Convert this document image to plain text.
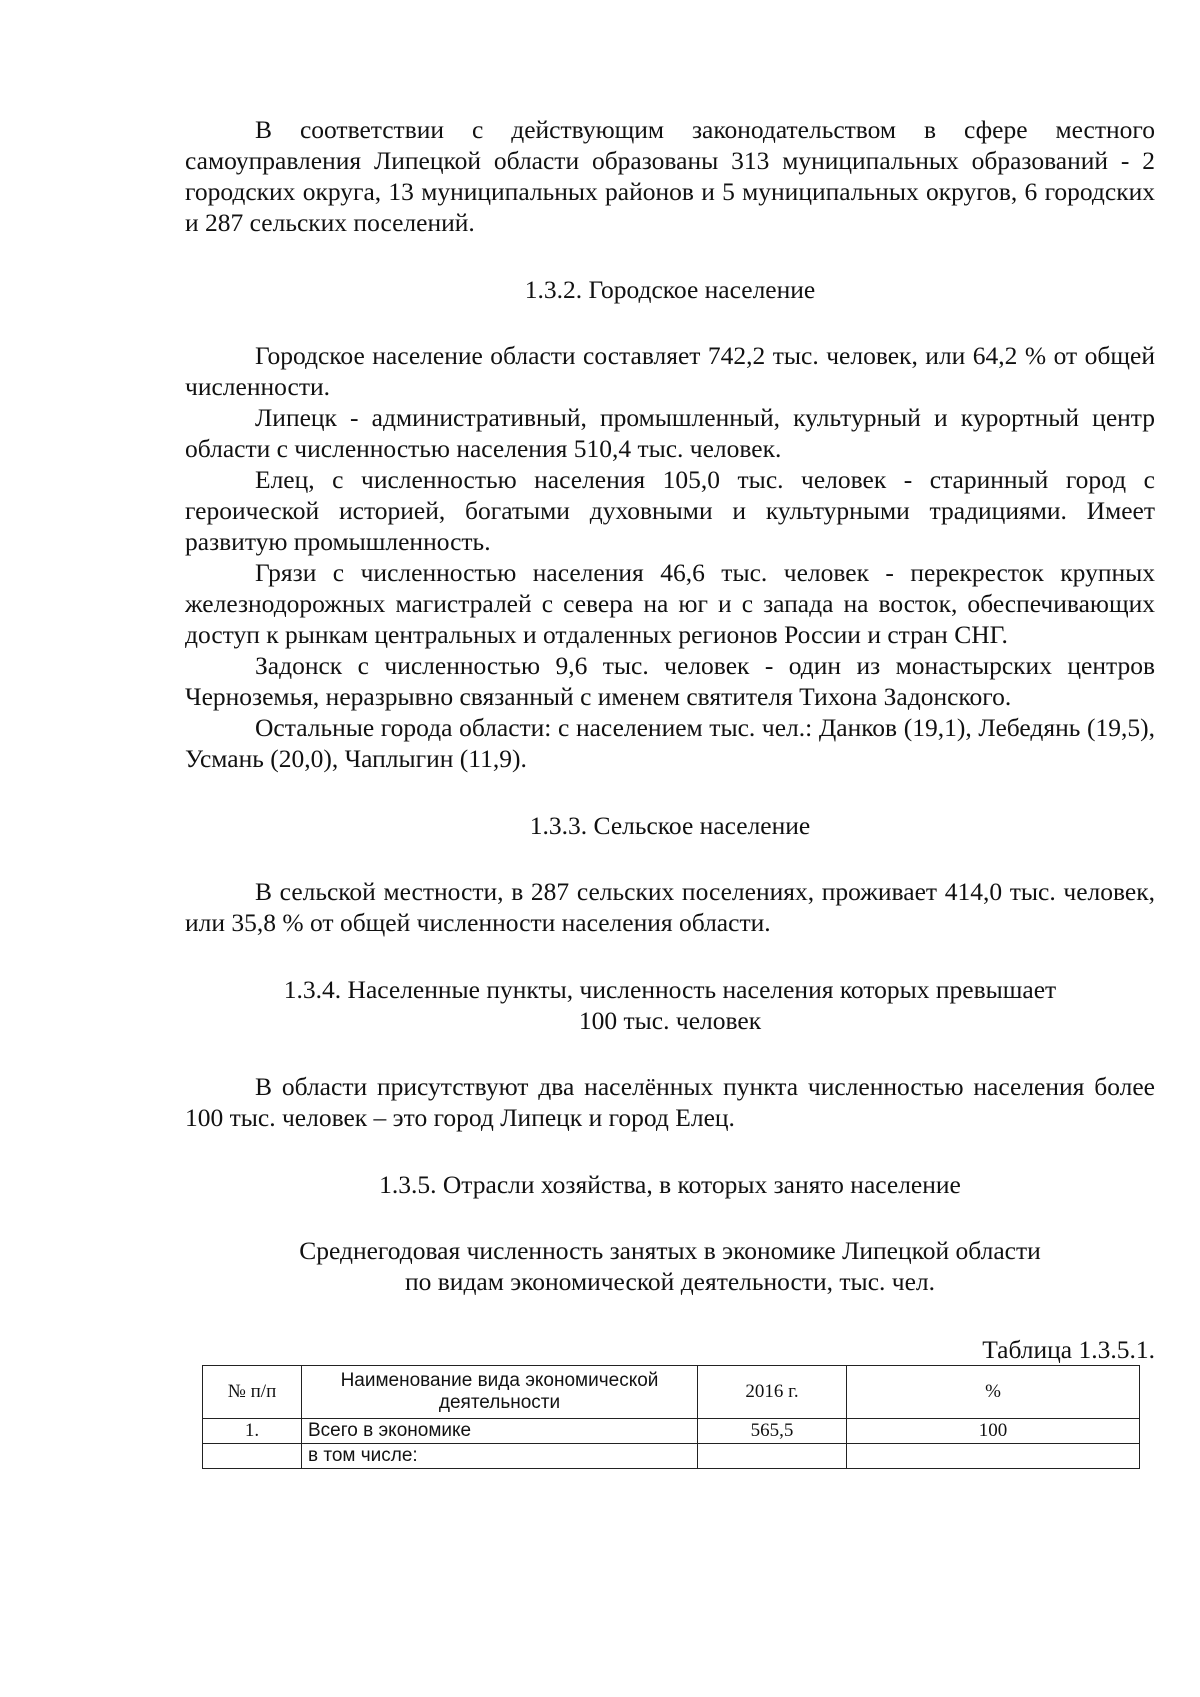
В соответствии с действующим законодательством в сфере местного самоуправления Липецкой области образованы 313 муниципальных образований - 2 городских округа, 13 муниципальных районов и 5 муниципальных округов, 6 городских и 287 сельских поселений.

1.3.2. Городское население

Городское население области составляет 742,2 тыс. человек, или 64,2 % от общей численности.

Липецк - административный, промышленный, культурный и курортный центр области с численностью населения 510,4 тыс. человек.

Елец, с численностью населения 105,0 тыс. человек - старинный город с героической историей, богатыми духовными и культурными традициями. Имеет развитую промышленность.

Грязи с численностью населения 46,6 тыс. человек - перекресток крупных железнодорожных магистралей с севера на юг и с запада на восток, обеспечивающих доступ к рынкам центральных и отдаленных регионов России и стран СНГ.

Задонск с численностью 9,6 тыс. человек - один из монастырских центров Черноземья, неразрывно связанный с именем святителя Тихона Задонского.

Остальные города области: с населением тыс. чел.: Данков (19,1), Лебедянь (19,5), Усмань (20,0), Чаплыгин (11,9).

1.3.3. Сельское население

В сельской местности, в 287 сельских поселениях, проживает 414,0 тыс. человек, или 35,8 % от общей численности населения области.

1.3.4. Населенные пункты, численность населения которых превышает
100 тыс. человек

В области присутствуют два населённых пункта численностью населения более 100 тыс. человек – это город Липецк и город Елец.

1.3.5. Отрасли хозяйства, в которых занято население
Среднегодовая численность занятых в экономике Липецкой области
по видам экономической деятельности, тыс. чел.
Таблица 1.3.5.1.
№ п/п	Наименование вида экономической деятельности	2016 г.	%
1.	Всего в экономике	565,5	100
	в том числе:		
